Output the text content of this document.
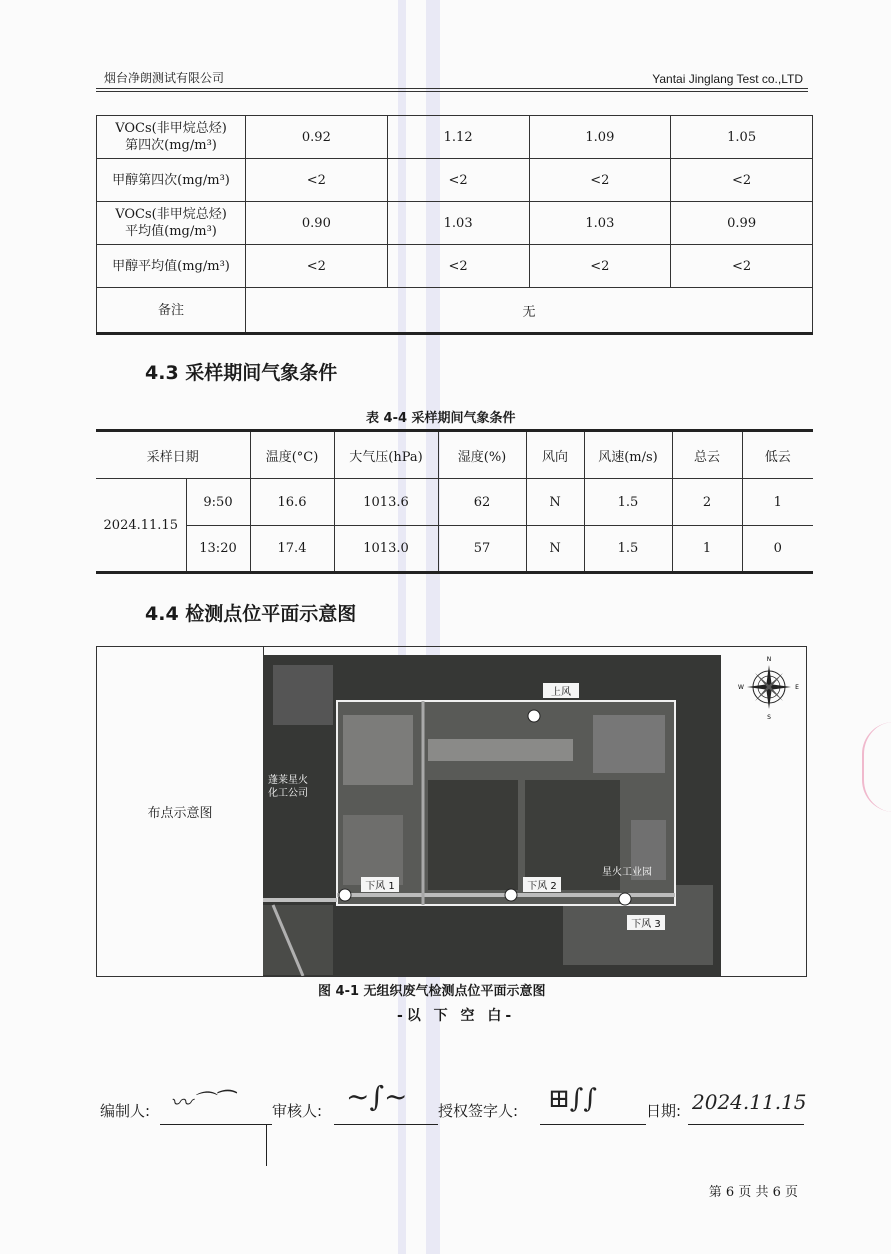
烟台净朗测试有限公司	Yantai Jinglang Test co.,LTD
VOCs(非甲烷总烃)
第四次(mg/m³)	0.92	1.12	1.09	1.05
甲醇第四次(mg/m³)	<2	<2	<2	<2
VOCs(非甲烷总烃)
平均值(mg/m³)	0.90	1.03	1.03	0.99
甲醇平均值(mg/m³)	<2	<2	<2	<2
备注	无			
4.3 采样期间气象条件
表 4-4 采样期间气象条件
采样日期		温度(°C)	大气压(hPa)	湿度(%)	风向	风速(m/s)	总云	低云
2024.11.15	9:50	16.6	1013.6	62	N	1.5	2	1
	13:20	17.4	1013.0	57	N	1.5	1	0
4.4 检测点位平面示意图
布点示意图
上风
下风 1	下风 2
下风 3
蓬莱星火
化工公司
星火工业园
N
S
E
W
图 4-1 无组织废气检测点位平面示意图
-以 下 空 白-
编制人: 〰⌒⁀	审核人: ~∫~ 授权签字人: ⊞∫∫	日期: 2024.11.15
第 6 页 共 6 页
